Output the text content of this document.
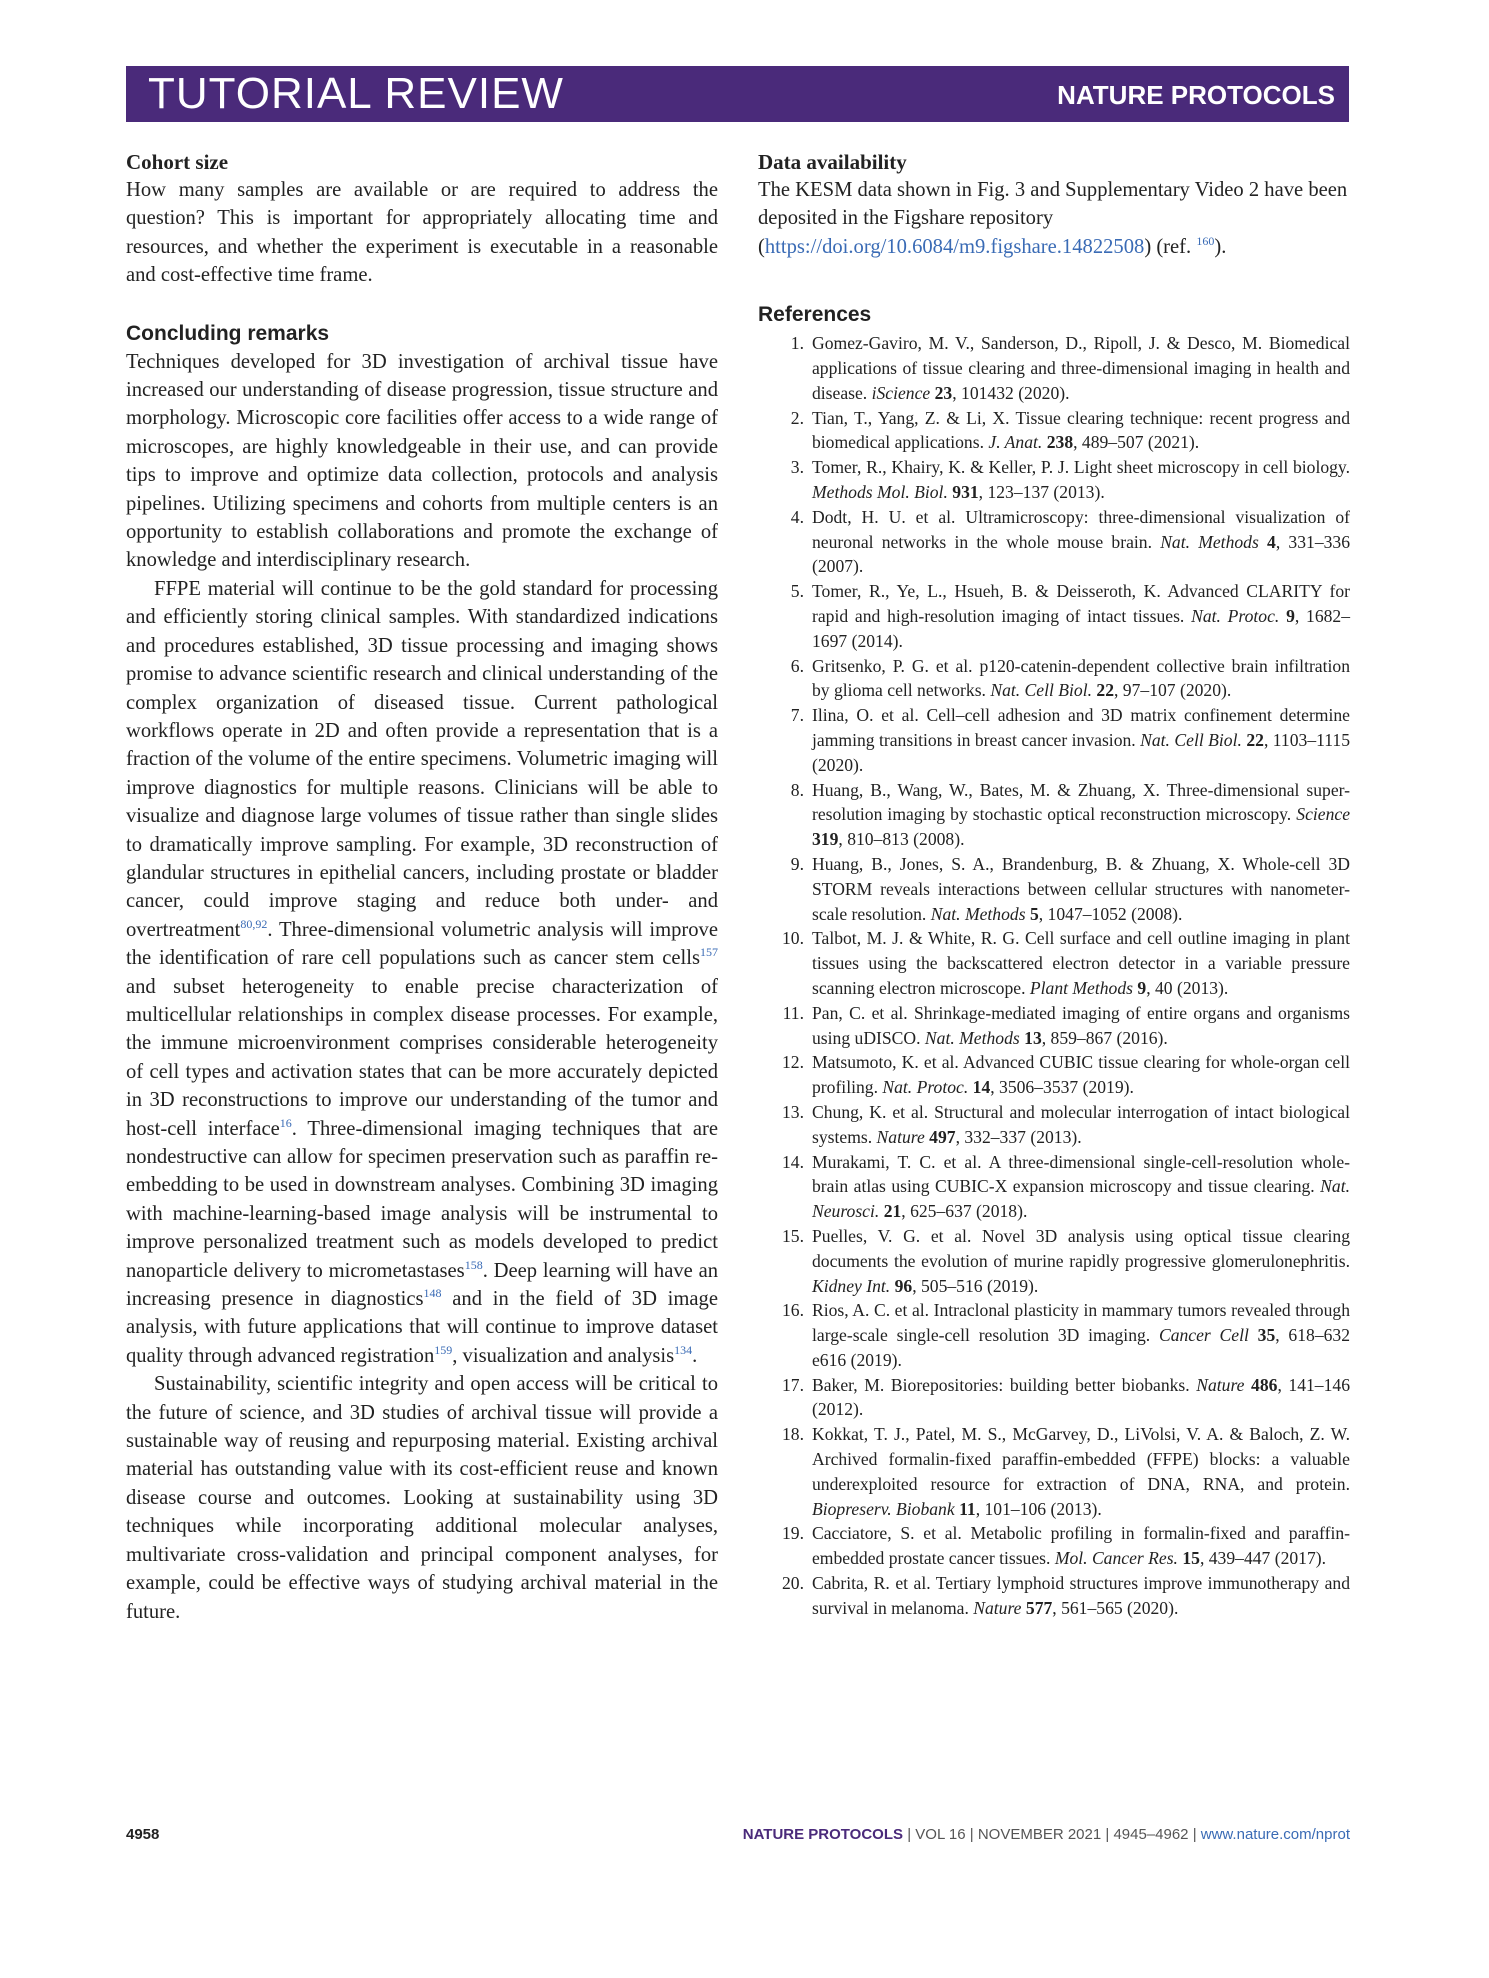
TUTORIAL REVIEW	NATURE PROTOCOLS
Cohort size

How many samples are available or are required to address the question? This is important for appropriately allocating time and resources, and whether the experiment is executable in a reasonable and cost-effective time frame.

Concluding remarks

Techniques developed for 3D investigation of archival tissue have increased our understanding of disease progression, tissue structure and morphology. Microscopic core facilities offer access to a wide range of microscopes, are highly knowledgeable in their use, and can provide tips to improve and optimize data collection, protocols and analysis pipelines. Utilizing specimens and cohorts from multiple centers is an opportunity to establish collaborations and promote the exchange of knowledge and interdisciplinary research.

FFPE material will continue to be the gold standard for processing and efficiently storing clinical samples. With standardized indications and procedures established, 3D tissue processing and imaging shows promise to advance scientific research and clinical understanding of the complex organization of diseased tissue. Current pathological workflows operate in 2D and often provide a representation that is a fraction of the volume of the entire specimens. Volumetric imaging will improve diagnostics for multiple reasons. Clinicians will be able to visualize and diagnose large volumes of tissue rather than single slides to dramatically improve sampling. For example, 3D reconstruction of glandular structures in epithelial cancers, including prostate or bladder cancer, could improve staging and reduce both under- and overtreatment$^{80,92}$. Three-dimensional volumetric analysis will improve the identification of rare cell populations such as cancer stem cells$^{157}$ and subset heterogeneity to enable precise characterization of multicellular relationships in complex disease processes. For example, the immune microenvironment comprises considerable heterogeneity of cell types and activation states that can be more accurately depicted in 3D reconstructions to improve our understanding of the tumor and host-cell interface$^{16}$. Three-dimensional imaging techniques that are nondestructive can allow for specimen preservation such as paraffin re-embedding to be used in downstream analyses. Combining 3D imaging with machine-learning-based image analysis will be instrumental to improve personalized treatment such as models developed to predict nanoparticle delivery to micrometastases$^{158}$. Deep learning will have an increasing presence in diagnostics$^{148}$ and in the field of 3D image analysis, with future applications that will continue to improve dataset quality through advanced registration$^{159}$, visualization and analysis$^{134}$.

Sustainability, scientific integrity and open access will be critical to the future of science, and 3D studies of archival tissue will provide a sustainable way of reusing and repurposing material. Existing archival material has outstanding value with its cost-efficient reuse and known disease course and outcomes. Looking at sustainability using 3D techniques while incorporating additional molecular analyses, multivariate cross-validation and principal component analyses, for example, could be effective ways of studying archival material in the future.

Data availability

The KESM data shown in Fig. 3 and Supplementary Video 2 have been deposited in the Figshare repository (https://doi.org/10.6084/m9.figshare.14822508) (ref. $^{160}$).

References
1. Gomez-Gaviro, M. V., Sanderson, D., Ripoll, J. & Desco, M. Biomedical applications of tissue clearing and three-dimensional imaging in health and disease. iScience 23, 101432 (2020).
2. Tian, T., Yang, Z. & Li, X. Tissue clearing technique: recent progress and biomedical applications. J. Anat. 238, 489–507 (2021).
3. Tomer, R., Khairy, K. & Keller, P. J. Light sheet microscopy in cell biology. Methods Mol. Biol. 931, 123–137 (2013).
4. Dodt, H. U. et al. Ultramicroscopy: three-dimensional visualization of neuronal networks in the whole mouse brain. Nat. Methods 4, 331–336 (2007).
5. Tomer, R., Ye, L., Hsueh, B. & Deisseroth, K. Advanced CLARITY for rapid and high-resolution imaging of intact tissues. Nat. Protoc. 9, 1682–1697 (2014).
6. Gritsenko, P. G. et al. p120-catenin-dependent collective brain infiltration by glioma cell networks. Nat. Cell Biol. 22, 97–107 (2020).
7. Ilina, O. et al. Cell–cell adhesion and 3D matrix confinement determine jamming transitions in breast cancer invasion. Nat. Cell Biol. 22, 1103–1115 (2020).
8. Huang, B., Wang, W., Bates, M. & Zhuang, X. Three-dimensional super-resolution imaging by stochastic optical reconstruction microscopy. Science 319, 810–813 (2008).
9. Huang, B., Jones, S. A., Brandenburg, B. & Zhuang, X. Whole-cell 3D STORM reveals interactions between cellular structures with nanometer-scale resolution. Nat. Methods 5, 1047–1052 (2008).
10. Talbot, M. J. & White, R. G. Cell surface and cell outline imaging in plant tissues using the backscattered electron detector in a variable pressure scanning electron microscope. Plant Methods 9, 40 (2013).
11. Pan, C. et al. Shrinkage-mediated imaging of entire organs and organisms using uDISCO. Nat. Methods 13, 859–867 (2016).
12. Matsumoto, K. et al. Advanced CUBIC tissue clearing for whole-organ cell profiling. Nat. Protoc. 14, 3506–3537 (2019).
13. Chung, K. et al. Structural and molecular interrogation of intact biological systems. Nature 497, 332–337 (2013).
14. Murakami, T. C. et al. A three-dimensional single-cell-resolution whole-brain atlas using CUBIC-X expansion microscopy and tissue clearing. Nat. Neurosci. 21, 625–637 (2018).
15. Puelles, V. G. et al. Novel 3D analysis using optical tissue clearing documents the evolution of murine rapidly progressive glomerulonephritis. Kidney Int. 96, 505–516 (2019).
16. Rios, A. C. et al. Intraclonal plasticity in mammary tumors revealed through large-scale single-cell resolution 3D imaging. Cancer Cell 35, 618–632 e616 (2019).
17. Baker, M. Biorepositories: building better biobanks. Nature 486, 141–146 (2012).
18. Kokkat, T. J., Patel, M. S., McGarvey, D., LiVolsi, V. A. & Baloch, Z. W. Archived formalin-fixed paraffin-embedded (FFPE) blocks: a valuable underexploited resource for extraction of DNA, RNA, and protein. Biopreserv. Biobank 11, 101–106 (2013).
19. Cacciatore, S. et al. Metabolic profiling in formalin-fixed and paraffin-embedded prostate cancer tissues. Mol. Cancer Res. 15, 439–447 (2017).
20. Cabrita, R. et al. Tertiary lymphoid structures improve immunotherapy and survival in melanoma. Nature 577, 561–565 (2020).
4958	NATURE PROTOCOLS | VOL 16 | NOVEMBER 2021 | 4945–4962 | www.nature.com/nprot
